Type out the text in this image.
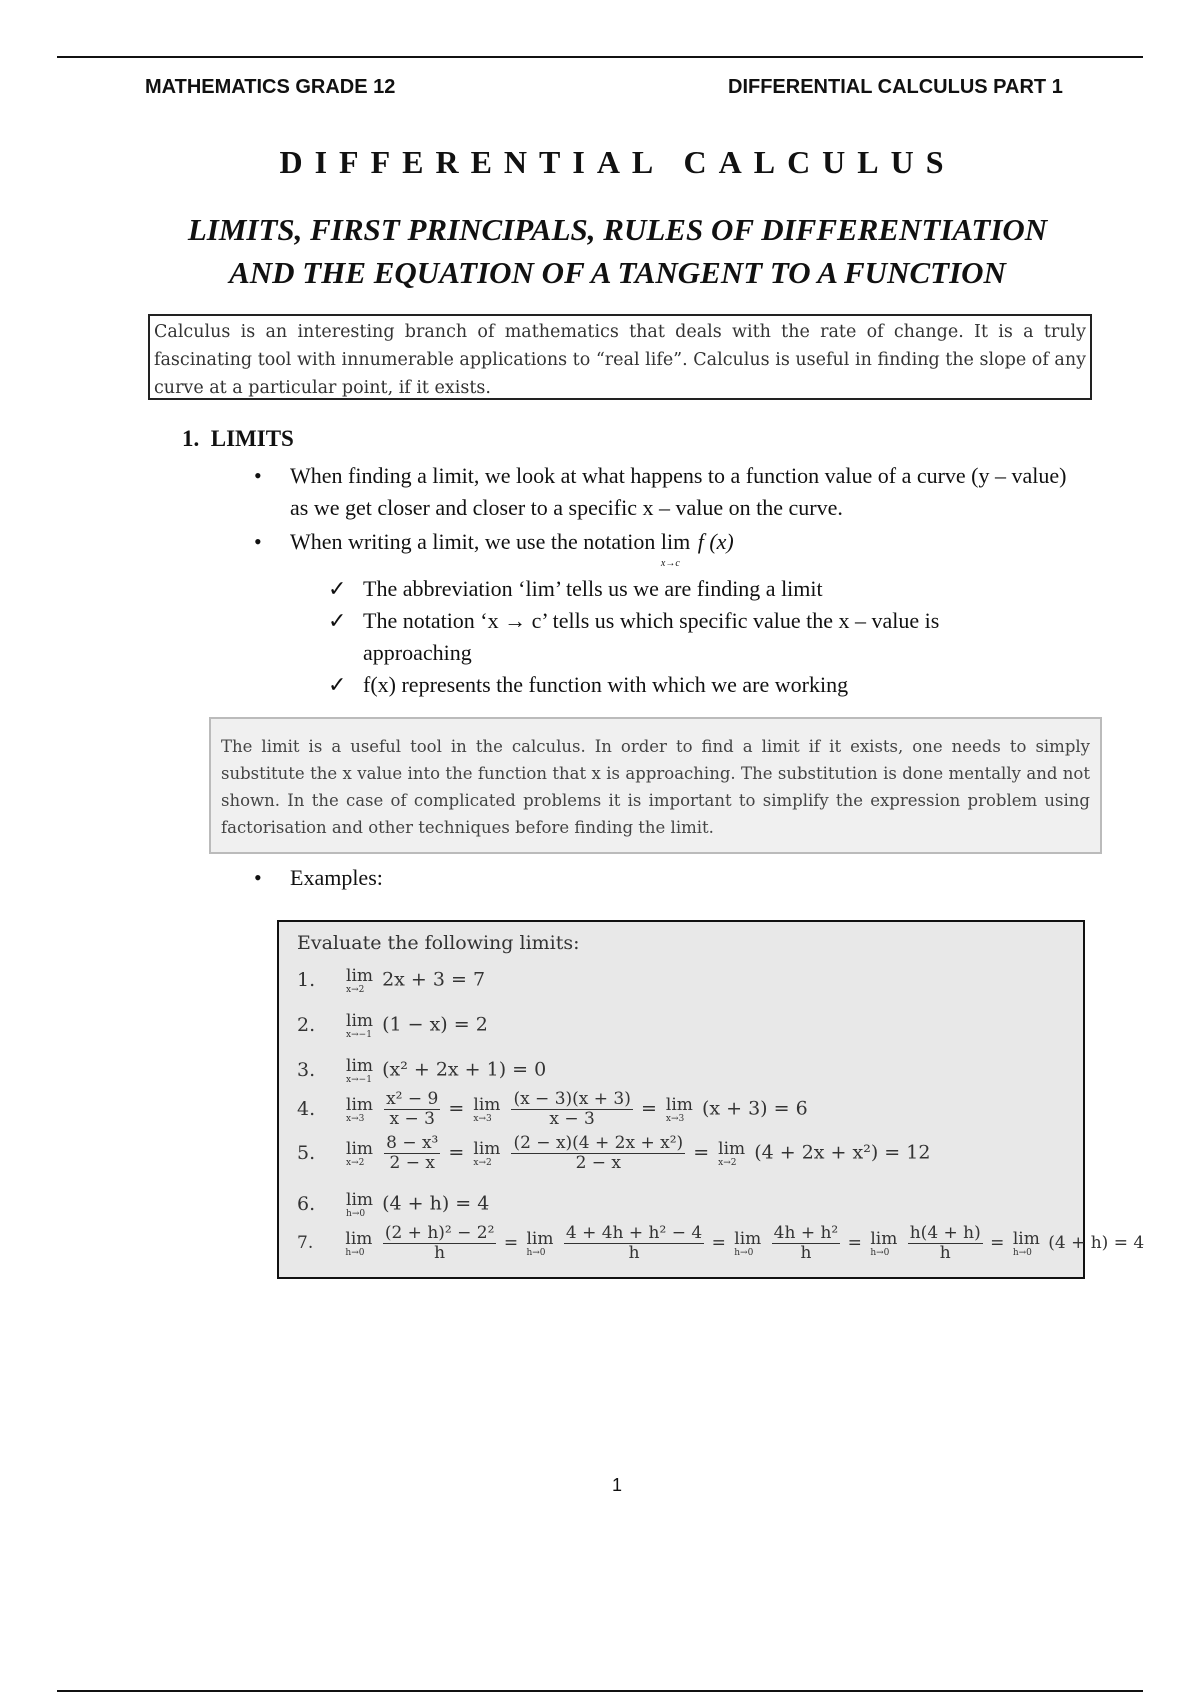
MATHEMATICS GRADE 12	DIFFERENTIAL CALCULUS PART 1
DIFFERENTIAL CALCULUS
LIMITS, FIRST PRINCIPALS, RULES OF DIFFERENTIATION
AND THE EQUATION OF A TANGENT TO A FUNCTION
Calculus is an interesting branch of mathematics that deals with the rate of change. It is a truly fascinating tool with innumerable applications to “real life”. Calculus is useful in finding the slope of any curve at a particular point, if it exists.
1.  LIMITS
• When finding a limit, we look at what happens to a function value of a curve (y – value) as we get closer and closer to a specific x – value on the curve.
• When writing a limit, we use the notation lim
x→c
f (x)
✓ The abbreviation ‘lim’ tells us we are finding a limit
✓ The notation ‘x → c’ tells us which specific value the x – value is approaching
✓ f(x) represents the function with which we are working
The limit is a useful tool in the calculus. In order to find a limit if it exists, one needs to simply substitute the x value into the function that x is approaching. The substitution is done mentally and not shown. In the case of complicated problems it is important to simplify the expression problem using factorisation and other techniques before finding the limit.
• Examples:
Evaluate the following limits:
1. lim
x→2 2x + 3 = 7
2. lim
x→−1 (1 − x) = 2
3. lim
x→−1 (x² + 2x + 1) = 0
4. lim
x→3
	$\frac{\text{x² − 9}}{x - 3} = \lim$
x→3
	$\frac{(x - 3)(x + 3)}{x - 3} = \lim$
x→3 (x + 3) = 6
5. lim
x→2
	$\frac{\text{8 − x³}}{2 - x} = \lim$
x→2
	$\frac{\text{(2 − x)(4 + 2x + x²)}}{2 - x} = \lim$
x→2 (4 + 2x + x²) = 12
6. lim
h→0 (4 + h) = 4
7. lim
h→0
	$\frac{\text{(2 + h)² − 2²}}{h} = \lim$
h→0
	$\frac{\text{4 + 4h + h² − 4}}{h} = \lim$
h→0
	$\frac{\text{4h + h²}}{h} = \lim$
h→0
	$\frac{h(4 + h)}{h} = \lim$
h→0 (4 + h) = 4
1
